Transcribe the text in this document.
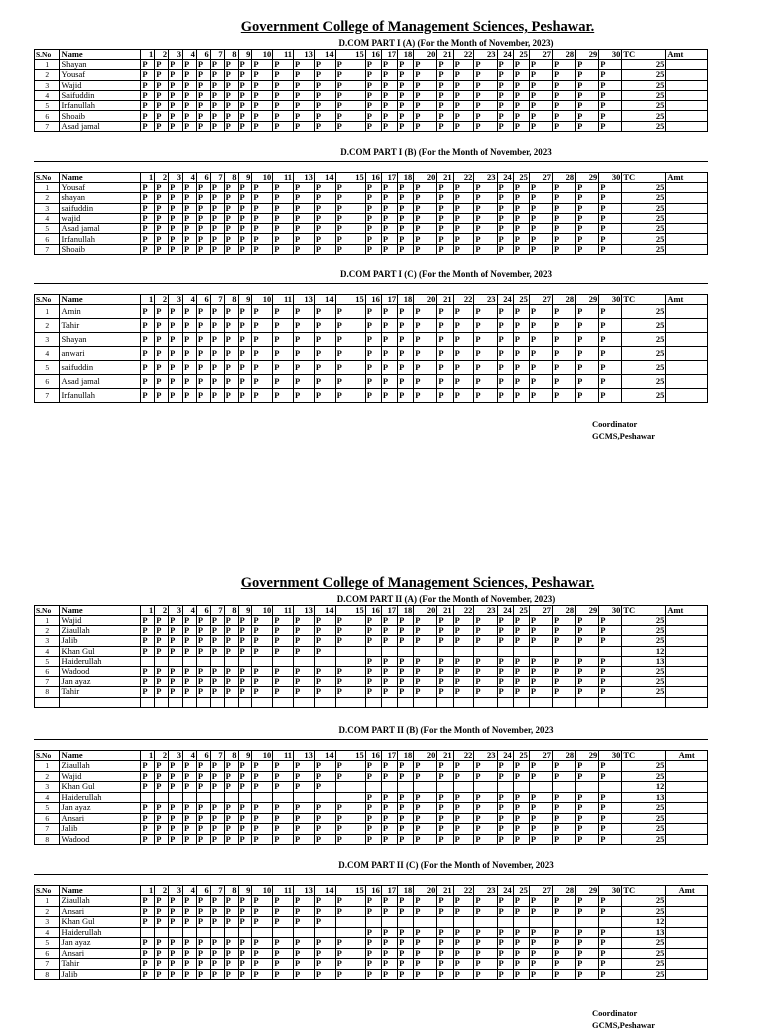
Government College of Management Sciences, Peshawar.
D.COM PART I (A) (For the Month of November, 2023)
S.No	Name	1	2	3	4	6	7	8	9	10	11	13	14	15	16	17	18	20	21	22	23	24	25	27	28	29	30	TC	Amt
1	Shayan	P	P	P	P	P	P	P	P	P	P	P	P	P	P	P	P	P	P	P	P	P	P	P	P	P	P	25	
2	Yousaf	P	P	P	P	P	P	P	P	P	P	P	P	P	P	P	P	P	P	P	P	P	P	P	P	P	P	25	
3	Wajid	P	P	P	P	P	P	P	P	P	P	P	P	P	P	P	P	P	P	P	P	P	P	P	P	P	P	25	
4	Saifuddin	P	P	P	P	P	P	P	P	P	P	P	P	P	P	P	P	P	P	P	P	P	P	P	P	P	P	25	
5	Irfanullah	P	P	P	P	P	P	P	P	P	P	P	P	P	P	P	P	P	P	P	P	P	P	P	P	P	P	25	
6	Shoaib	P	P	P	P	P	P	P	P	P	P	P	P	P	P	P	P	P	P	P	P	P	P	P	P	P	P	25	
7	Asad jamal	P	P	P	P	P	P	P	P	P	P	P	P	P	P	P	P	P	P	P	P	P	P	P	P	P	P	25	
D.COM PART I (B) (For the Month of November, 2023
S.No	Name	1	2	3	4	6	7	8	9	10	11	13	14	15	16	17	18	20	21	22	23	24	25	27	28	29	30	TC	Amt
1	Yousaf	P	P	P	P	P	P	P	P	P	P	P	P	P	P	P	P	P	P	P	P	P	P	P	P	P	P	25	
2	shayan	P	P	P	P	P	P	P	P	P	P	P	P	P	P	P	P	P	P	P	P	P	P	P	P	P	P	25	
3	saifuddin	P	P	P	P	P	P	P	P	P	P	P	P	P	P	P	P	P	P	P	P	P	P	P	P	P	P	25	
4	wajid	P	P	P	P	P	P	P	P	P	P	P	P	P	P	P	P	P	P	P	P	P	P	P	P	P	P	25	
5	Asad jamal	P	P	P	P	P	P	P	P	P	P	P	P	P	P	P	P	P	P	P	P	P	P	P	P	P	P	25	
6	Irfanullah	P	P	P	P	P	P	P	P	P	P	P	P	P	P	P	P	P	P	P	P	P	P	P	P	P	P	25	
7	Shoaib	P	P	P	P	P	P	P	P	P	P	P	P	P	P	P	P	P	P	P	P	P	P	P	P	P	P	25	
D.COM PART I (C) (For the Month of November, 2023
S.No	Name	1	2	3	4	6	7	8	9	10	11	13	14	15	16	17	18	20	21	22	23	24	25	27	28	29	30	TC	Amt
1	Amin	P	P	P	P	P	P	P	P	P	P	P	P	P	P	P	P	P	P	P	P	P	P	P	P	P	P	25	
2	Tahir	P	P	P	P	P	P	P	P	P	P	P	P	P	P	P	P	P	P	P	P	P	P	P	P	P	P	25	
3	Shayan	P	P	P	P	P	P	P	P	P	P	P	P	P	P	P	P	P	P	P	P	P	P	P	P	P	P	25	
4	anwari	P	P	P	P	P	P	P	P	P	P	P	P	P	P	P	P	P	P	P	P	P	P	P	P	P	P	25	
5	saifuddin	P	P	P	P	P	P	P	P	P	P	P	P	P	P	P	P	P	P	P	P	P	P	P	P	P	P	25	
6	Asad jamal	P	P	P	P	P	P	P	P	P	P	P	P	P	P	P	P	P	P	P	P	P	P	P	P	P	P	25	
7	Irfanullah	P	P	P	P	P	P	P	P	P	P	P	P	P	P	P	P	P	P	P	P	P	P	P	P	P	P	25	
Coordinator
GCMS,Peshawar
Government College of Management Sciences, Peshawar.
D.COM PART II (A) (For the Month of November, 2023)
S.No	Name	1	2	3	4	6	7	8	9	10	11	13	14	15	16	17	18	20	21	22	23	24	25	27	28	29	30	TC	Amt
1	Wajid	P	P	P	P	P	P	P	P	P	P	P	P	P	P	P	P	P	P	P	P	P	P	P	P	P	P	25	
2	Ziaullah	P	P	P	P	P	P	P	P	P	P	P	P	P	P	P	P	P	P	P	P	P	P	P	P	P	P	25	
3	Jalib	P	P	P	P	P	P	P	P	P	P	P	P	P	P	P	P	P	P	P	P	P	P	P	P	P	P	25	
4	Khan Gul	P	P	P	P	P	P	P	P	P	P	P	P															12	
5	Haiderullah														P	P	P	P	P	P	P	P	P	P	P	P	P	13	
6	Wadood	P	P	P	P	P	P	P	P	P	P	P	P	P	P	P	P	P	P	P	P	P	P	P	P	P	P	25	
7	Jan ayaz	P	P	P	P	P	P	P	P	P	P	P	P	P	P	P	P	P	P	P	P	P	P	P	P	P	P	25	
8	Tahir	P	P	P	P	P	P	P	P	P	P	P	P	P	P	P	P	P	P	P	P	P	P	P	P	P	P	25	

D.COM PART II (B) (For the Month of November, 2023
S.No	Name	1	2	3	4	6	7	8	9	10	11	13	14	15	16	17	18	20	21	22	23	24	25	27	28	29	30	TC	Amt
1	Ziaullah	P	P	P	P	P	P	P	P	P	P	P	P	P	P	P	P	P	P	P	P	P	P	P	P	P	P	25	
2	Wajid	P	P	P	P	P	P	P	P	P	P	P	P	P	P	P	P	P	P	P	P	P	P	P	P	P	P	25	
3	Khan Gul	P	P	P	P	P	P	P	P	P	P	P	P															12	
4	Haiderullah														P	P	P	P	P	P	P	P	P	P	P	P	P	13	
5	Jan ayaz	P	P	P	P	P	P	P	P	P	P	P	P	P	P	P	P	P	P	P	P	P	P	P	P	P	P	25	
6	Ansari	P	P	P	P	P	P	P	P	P	P	P	P	P	P	P	P	P	P	P	P	P	P	P	P	P	P	25	
7	Jalib	P	P	P	P	P	P	P	P	P	P	P	P	P	P	P	P	P	P	P	P	P	P	P	P	P	P	25	
8	Wadood	P	P	P	P	P	P	P	P	P	P	P	P	P	P	P	P	P	P	P	P	P	P	P	P	P	P	25	
D.COM PART II (C) (For the Month of November, 2023
S.No	Name	1	2	3	4	6	7	8	9	10	11	13	14	15	16	17	18	20	21	22	23	24	25	27	28	29	30	TC	Amt
1	Ziaullah	P	P	P	P	P	P	P	P	P	P	P	P	P	P	P	P	P	P	P	P	P	P	P	P	P	P	25	
2	Ansari	P	P	P	P	P	P	P	P	P	P	P	P	P	P	P	P	P	P	P	P	P	P	P	P	P	P	25	
3	Khan Gul	P	P	P	P	P	P	P	P	P	P	P	P															12	
4	Haiderullah														P	P	P	P	P	P	P	P	P	P	P	P	P	13	
5	Jan ayaz	P	P	P	P	P	P	P	P	P	P	P	P	P	P	P	P	P	P	P	P	P	P	P	P	P	P	25	
6	Ansari	P	P	P	P	P	P	P	P	P	P	P	P	P	P	P	P	P	P	P	P	P	P	P	P	P	P	25	
7	Tahir	P	P	P	P	P	P	P	P	P	P	P	P	P	P	P	P	P	P	P	P	P	P	P	P	P	P	25	
8	Jalib	P	P	P	P	P	P	P	P	P	P	P	P	P	P	P	P	P	P	P	P	P	P	P	P	P	P	25	
Coordinator
GCMS,Peshawar
